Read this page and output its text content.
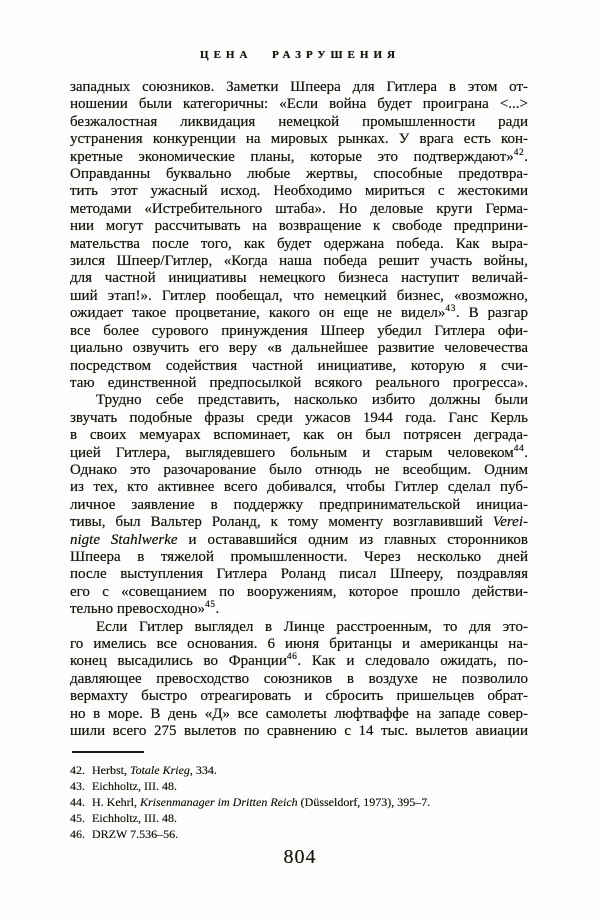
ЦЕНА РАЗРУШЕНИЯ
западных союзников. Заметки Шпеера для Гитлера в этом от-
ношении были категоричны: «Если война будет проиграна <...>
безжалостная ликвидация немецкой промышленности ради
устранения конкуренции на мировых рынках. У врага есть кон-
кретные экономические планы, которые это подтверждают»$^{42}$.
Оправданны буквально любые жертвы, способные предотвра-
тить этот ужасный исход. Необходимо мириться с жестокими
методами «Истребительного штаба». Но деловые круги Герма-
нии могут рассчитывать на возвращение к свободе предприни-
мательства после того, как будет одержана победа. Как выра-
зился Шпеер/Гитлер, «Когда наша победа решит участь войны,
для частной инициативы немецкого бизнеса наступит величай-
ший этап!». Гитлер пообещал, что немецкий бизнес, «возможно,
ожидает такое процветание, какого он еще не видел»$^{43}$. В разгар
все более сурового принуждения Шпеер убедил Гитлера офи-
циально озвучить его веру «в дальнейшее развитие человечества
посредством содействия частной инициативе, которую я счи-
таю единственной предпосылкой всякого реального прогресса».
Трудно себе представить, насколько избито должны были
звучать подобные фразы среди ужасов 1944 года. Ганс Керль
в своих мемуарах вспоминает, как он был потрясен деграда-
цией Гитлера, выглядевшего больным и старым человеком$^{44}$.
Однако это разочарование было отнюдь не всеобщим. Одним
из тех, кто активнее всего добивался, чтобы Гитлер сделал пуб-
личное заявление в поддержку предпринимательской инициа-
тивы, был Вальтер Роланд, к тому моменту возглавивший Verei-
nigte Stahlwerke и остававшийся одним из главных сторонников
Шпеера в тяжелой промышленности. Через несколько дней
после выступления Гитлера Роланд писал Шпееру, поздравляя
его с «совещанием по вооружениям, которое прошло действи-
тельно превосходно»$^{45}$.
Если Гитлер выглядел в Линце расстроенным, то для это-
го имелись все основания. 6 июня британцы и американцы на-
конец высадились во Франции$^{46}$. Как и следовало ожидать, по-
давляющее превосходство союзников в воздухе не позволило
вермахту быстро отреагировать и сбросить пришельцев обрат-
но в море. В день «Д» все самолеты люфтваффе на западе совер-
шили всего 275 вылетов по сравнению с 14 тыс. вылетов авиации
42. Herbst, Totale Krieg, 334.
43. Eichholtz, III. 48.
44. H. Kehrl, Krisenmanager im Dritten Reich (Düsseldorf, 1973), 395–7.
45. Eichholtz, III. 48.
46. DRZW 7.536–56.
804
